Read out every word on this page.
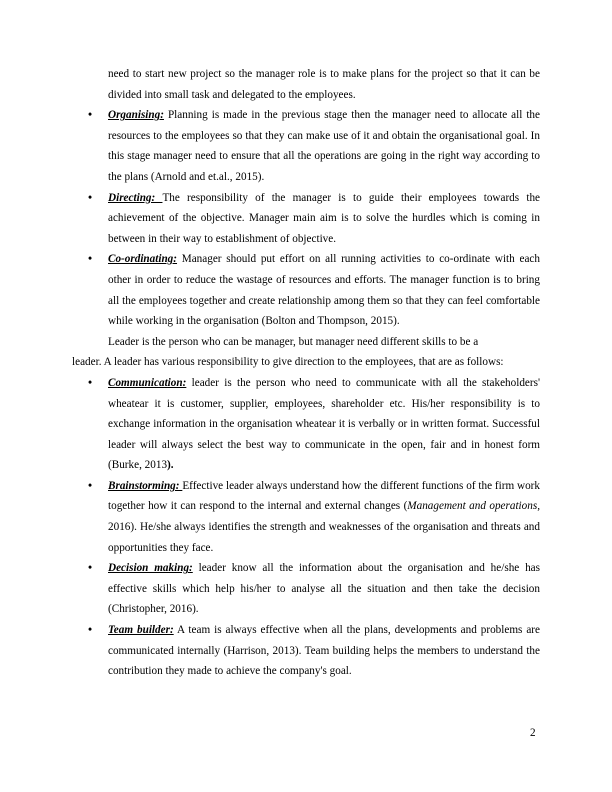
need to start new project so the manager role is to make plans for the project so that it can be divided into small task and delegated to the employees.

• Organising: Planning is made in the previous stage then the manager need to allocate all the resources to the employees so that they can make use of it and obtain the organisational goal. In this stage manager need to ensure that all the operations are going in the right way according to the plans (Arnold and et.al., 2015).
• Directing: The responsibility of the manager is to guide their employees towards the achievement of the objective. Manager main aim is to solve the hurdles which is coming in between in their way to establishment of objective.
• Co-ordinating: Manager should put effort on all running activities to co-ordinate with each other in order to reduce the wastage of resources and efforts. The manager function is to bring all the employees together and create relationship among them so that they can feel comfortable while working in the organisation (Bolton and Thompson, 2015).

Leader is the person who can be manager, but manager need different skills to be a
leader. A leader has various responsibility to give direction to the employees, that are as follows:

• Communication: leader is the person who need to communicate with all the stakeholders' wheatear it is customer, supplier, employees, shareholder etc. His/her responsibility is to exchange information in the organisation wheatear it is verbally or in written format. Successful leader will always select the best way to communicate in the open, fair and in honest form (Burke, 2013).
• Brainstorming: Effective leader always understand how the different functions of the firm work together how it can respond to the internal and external changes (Management and operations, 2016). He/she always identifies the strength and weaknesses of the organisation and threats and opportunities they face.
• Decision making: leader know all the information about the organisation and he/she has effective skills which help his/her to analyse all the situation and then take the decision (Christopher, 2016).
• Team builder: A team is always effective when all the plans, developments and problems are communicated internally (Harrison, 2013). Team building helps the members to understand the contribution they made to achieve the company's goal.
2
